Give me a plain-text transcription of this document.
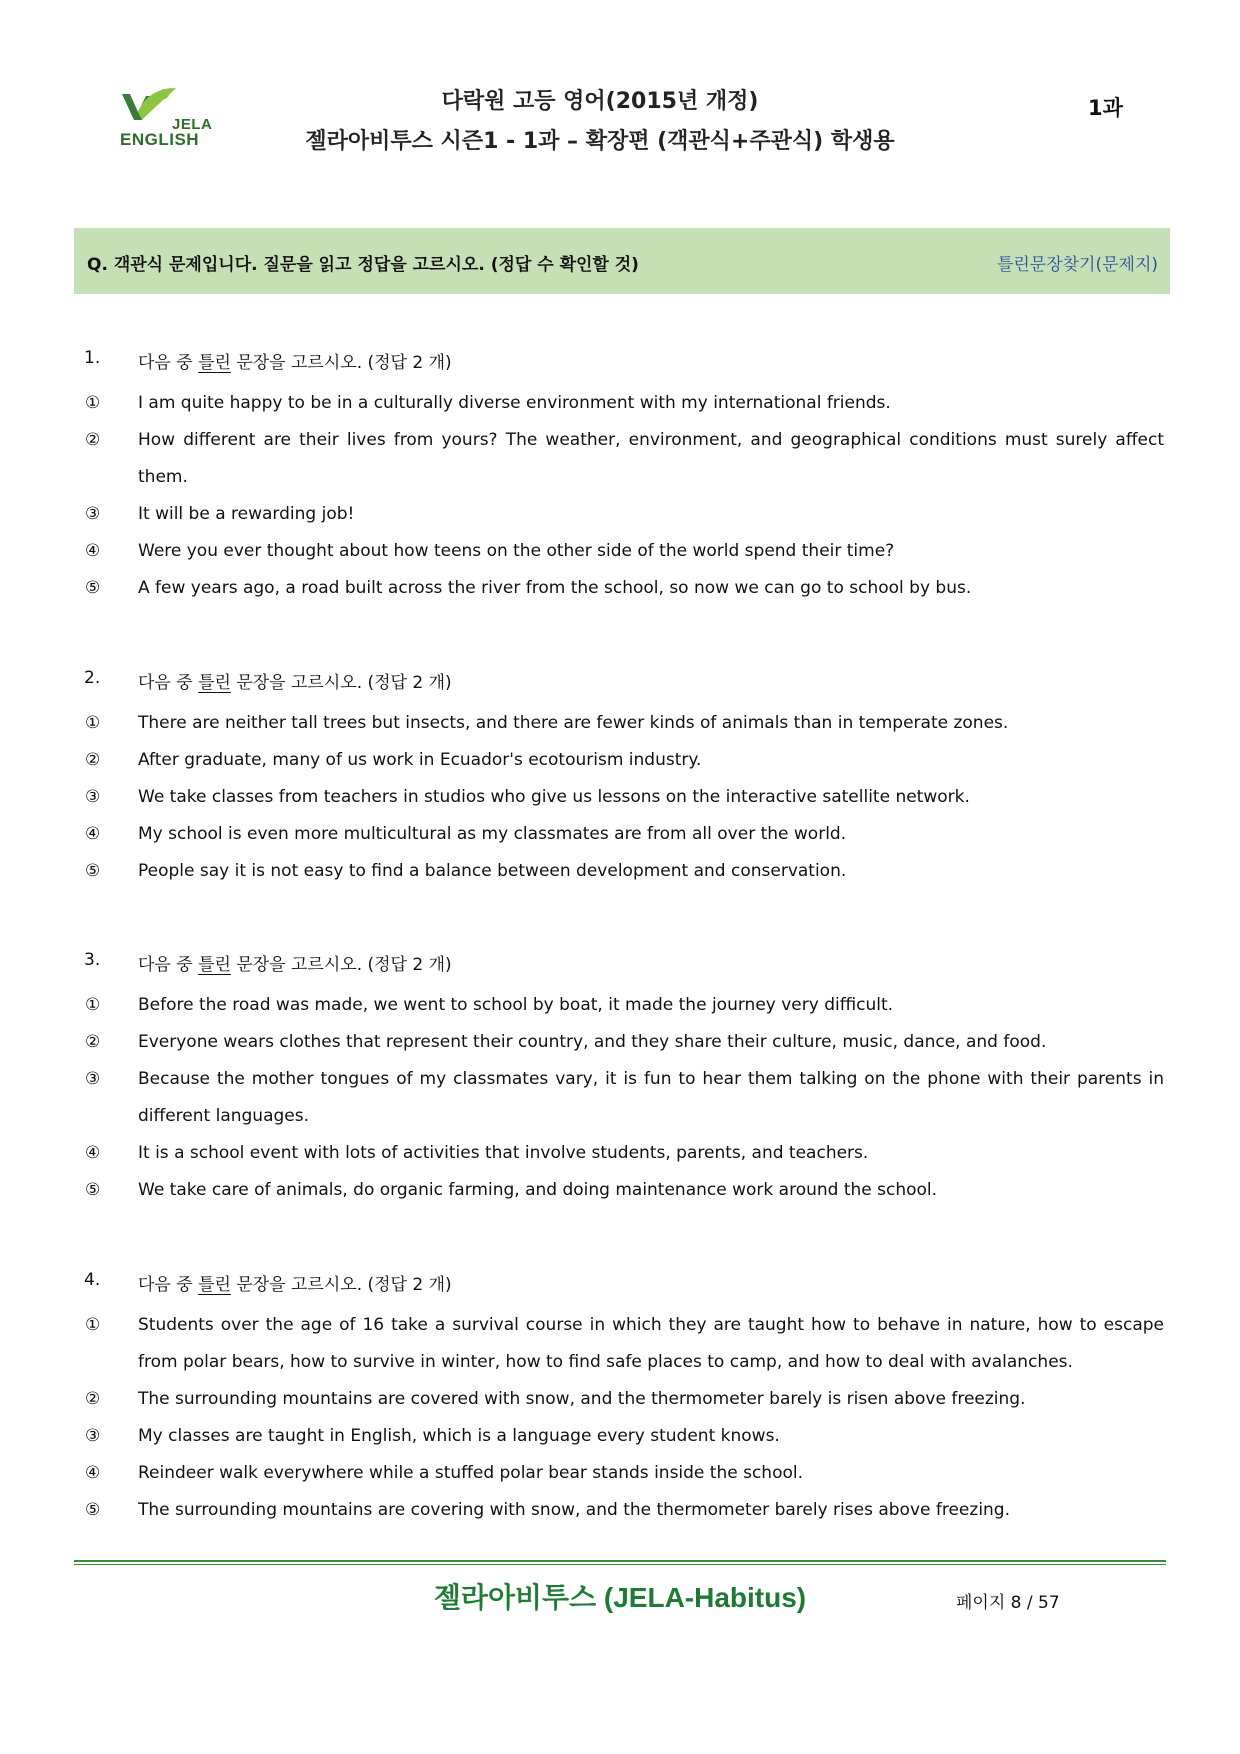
JELA
ENGLISH
다락원 고등 영어(2015년 개정)
젤라아비투스 시즌1 - 1과 – 확장편 (객관식+주관식) 학생용
1과
Q. 객관식 문제입니다. 질문을 읽고 정답을 고르시오. (정답 수 확인할 것)	틀린문장찾기(문제지)
1.	다음 중 틀린 문장을 고르시오. (정답 2 개)
①	I am quite happy to be in a culturally diverse environment with my international friends.
②	How different are their lives from yours? The weather, environment, and geographical conditions must surely affect them.
③	It will be a rewarding job!
④	Were you ever thought about how teens on the other side of the world spend their time?
⑤	A few years ago, a road built across the river from the school, so now we can go to school by bus.
2.	다음 중 틀린 문장을 고르시오. (정답 2 개)
①	There are neither tall trees but insects, and there are fewer kinds of animals than in temperate zones.
②	After graduate, many of us work in Ecuador's ecotourism industry.
③	We take classes from teachers in studios who give us lessons on the interactive satellite network.
④	My school is even more multicultural as my classmates are from all over the world.
⑤	People say it is not easy to find a balance between development and conservation.
3.	다음 중 틀린 문장을 고르시오. (정답 2 개)
①	Before the road was made, we went to school by boat, it made the journey very difficult.
②	Everyone wears clothes that represent their country, and they share their culture, music, dance, and food.
③	Because the mother tongues of my classmates vary, it is fun to hear them talking on the phone with their parents in different languages.
④	It is a school event with lots of activities that involve students, parents, and teachers.
⑤	We take care of animals, do organic farming, and doing maintenance work around the school.
4.	다음 중 틀린 문장을 고르시오. (정답 2 개)
①	Students over the age of 16 take a survival course in which they are taught how to behave in nature, how to escape from polar bears, how to survive in winter, how to find safe places to camp, and how to deal with avalanches.
②	The surrounding mountains are covered with snow, and the thermometer barely is risen above freezing.
③	My classes are taught in English, which is a language every student knows.
④	Reindeer walk everywhere while a stuffed polar bear stands inside the school.
⑤	The surrounding mountains are covering with snow, and the thermometer barely rises above freezing.
젤라아비투스 (JELA-Habitus)	페이지 8 / 57
